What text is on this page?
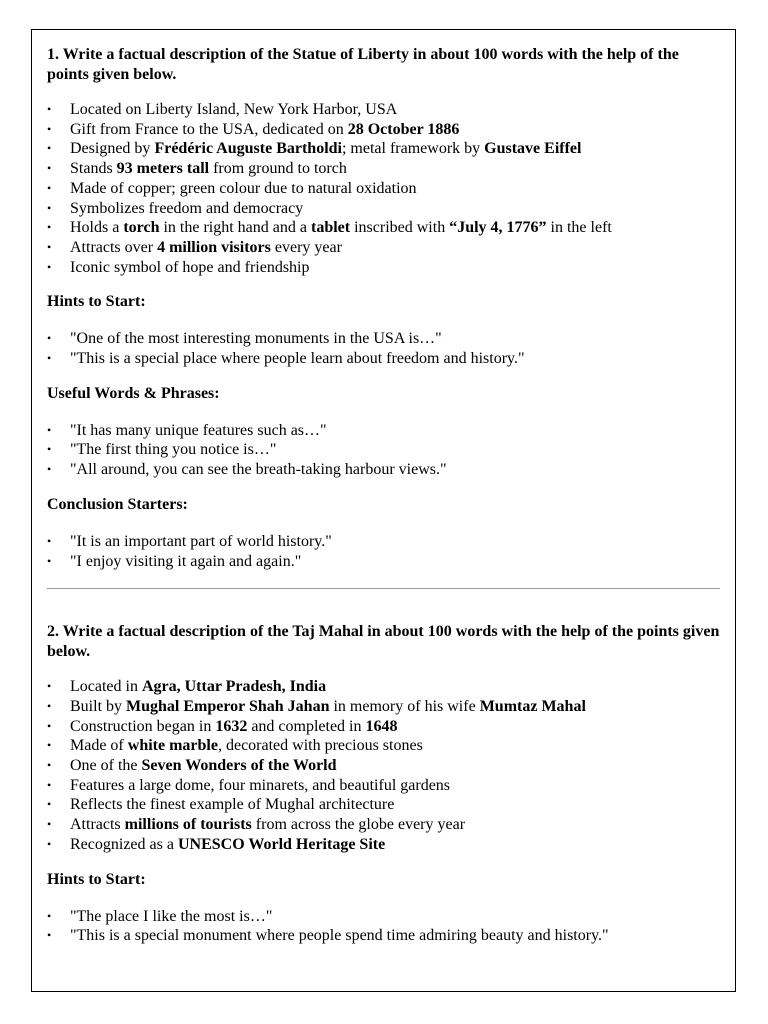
1. Write a factual description of the Statue of Liberty in about 100 words with the help of the points given below.

• Located on Liberty Island, New York Harbor, USA
• Gift from France to the USA, dedicated on 28 October 1886
• Designed by Frédéric Auguste Bartholdi; metal framework by Gustave Eiffel
• Stands 93 meters tall from ground to torch
• Made of copper; green colour due to natural oxidation
• Symbolizes freedom and democracy
• Holds a torch in the right hand and a tablet inscribed with “July 4, 1776” in the left
• Attracts over 4 million visitors every year
• Iconic symbol of hope and friendship

Hints to Start:

• "One of the most interesting monuments in the USA is…"
• "This is a special place where people learn about freedom and history."

Useful Words & Phrases:

• "It has many unique features such as…"
• "The first thing you notice is…"
• "All around, you can see the breath-taking harbour views."

Conclusion Starters:

• "It is an important part of world history."
• "I enjoy visiting it again and again."

2. Write a factual description of the Taj Mahal in about 100 words with the help of the points given below.

• Located in Agra, Uttar Pradesh, India
• Built by Mughal Emperor Shah Jahan in memory of his wife Mumtaz Mahal
• Construction began in 1632 and completed in 1648
• Made of white marble, decorated with precious stones
• One of the Seven Wonders of the World
• Features a large dome, four minarets, and beautiful gardens
• Reflects the finest example of Mughal architecture
• Attracts millions of tourists from across the globe every year
• Recognized as a UNESCO World Heritage Site

Hints to Start:

• "The place I like the most is…"
• "This is a special monument where people spend time admiring beauty and history."
